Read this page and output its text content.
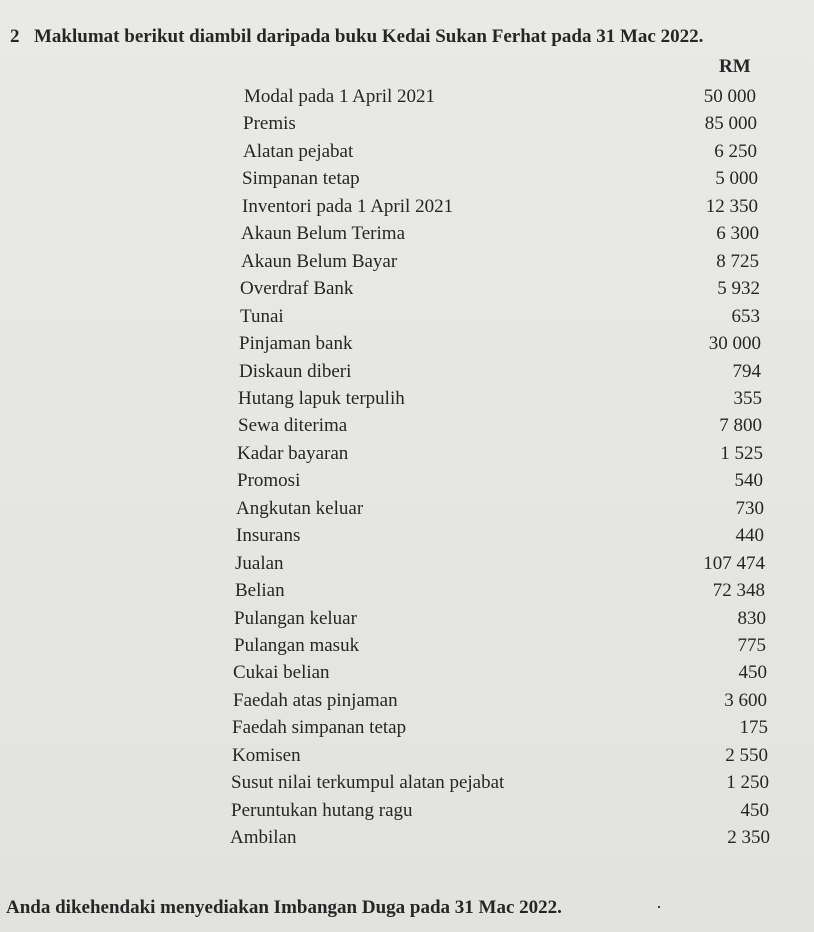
2 Maklumat berikut diambil daripada buku Kedai Sukan Ferhat pada 31 Mac 2022.
RM
Modal pada 1 April 2021	50 000
Premis	85 000
Alatan pejabat	6 250
Simpanan tetap	5 000
Inventori pada 1 April 2021	12 350
Akaun Belum Terima	6 300
Akaun Belum Bayar	8 725
Overdraf Bank	5 932
Tunai	653
Pinjaman bank	30 000
Diskaun diberi	794
Hutang lapuk terpulih	355
Sewa diterima	7 800
Kadar bayaran	1 525
Promosi	540
Angkutan keluar	730
Insurans	440
Jualan	107 474
Belian	72 348
Pulangan keluar	830
Pulangan masuk	775
Cukai belian	450
Faedah atas pinjaman	3 600
Faedah simpanan tetap	175
Komisen	2 550
Susut nilai terkumpul alatan pejabat	1 250
Peruntukan hutang ragu	450
Ambilan	2 350
Anda dikehendaki menyediakan Imbangan Duga pada 31 Mac 2022.
